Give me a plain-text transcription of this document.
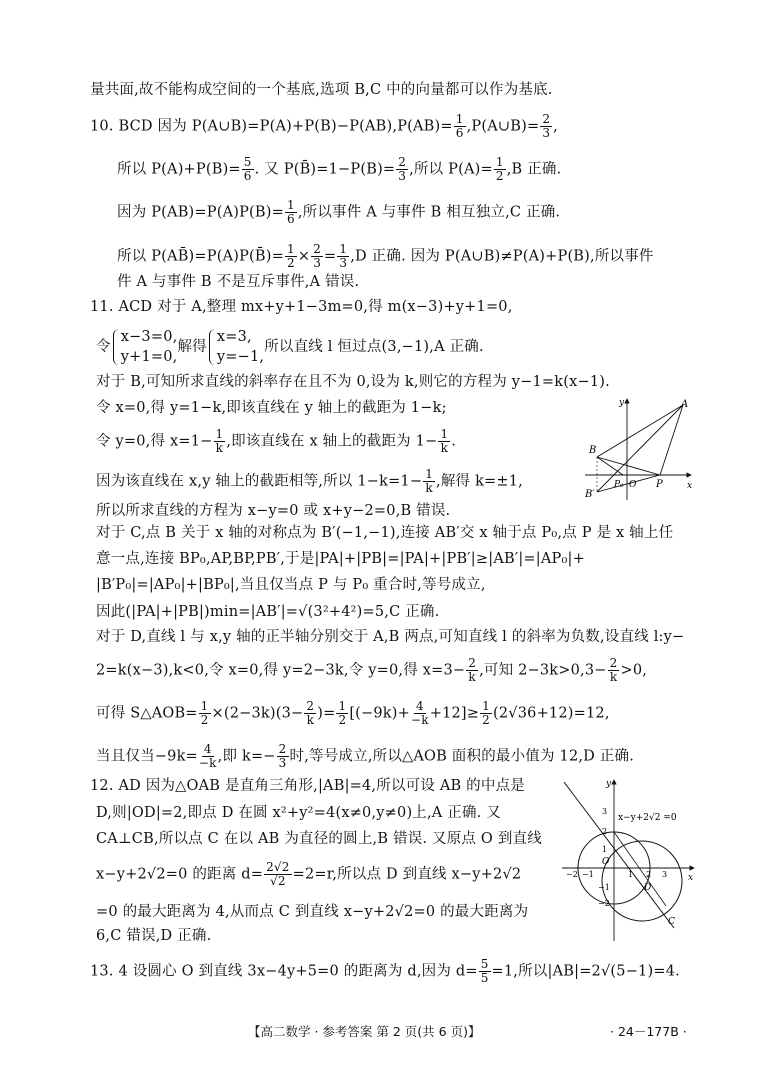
量共面,故不能构成空间的一个基底,选项 B,C 中的向量都可以作为基底.
10. BCD 因为 P(A∪B)=P(A)+P(B)−P(AB),P(AB)= $\frac{1}{6}$ ,P(A∪B)= $\frac{2}{3}$ ,
所以 $P(A)+P(B)= \frac{5}{6}$ . 又 P(B̄)=1−P(B)= $\frac{2}{3}$ ,所以 $P(A)= \frac{1}{2} ,B$ 正确.
因为 $P(AB)=P(A)P(B)= \frac{1}{6}$ ,所以事件 A 与事件 B 相互独立,C 正确.
所以 P(AB̄)=P(A)P(B̄)= $\frac{1}{2} \times \frac{2}{3} = \frac{1}{3} ,D$ 正确. 因为 P(A∪B)≠P(A)+P(B),所以事件
件 A 与事件 B 不是互斥事件,A 错误.
11. ACD 对于 A,整理 mx+y+1−3m=0,得 m(x−3)+y+1=0,
令
x−3=0,
y+1=0,
解得
x=3,
y=−1,
所以直线 l 恒过点(3,−1),A 正确.
对于 B,可知所求直线的斜率存在且不为 0,设为 k,则它的方程为 y−1=k(x−1).
令 x=0,得 y=1−k,即该直线在 y 轴上的截距为 1−k;
令 y=0,得 $x=1- \frac{1}{k}$ ,即该直线在 x 轴上的截距为 $1- \frac{1}{k}$ .
因为该直线在 x,y 轴上的截距相等,所以 $1-k=1- \frac{1}{k}$ ,解得 k=±1,
所以所求直线的方程为 x−y=0 或 x+y−2=0,B 错误.
对于 C,点 B 关于 x 轴的对称点为 B′(−1,−1),连接 AB′交 x 轴于点 P₀,点 P 是 x 轴上任
意一点,连接 BP₀,AP,BP,PB′,于是|PA|+|PB|=|PA|+|PB′|≥|AB′|=|AP₀|+
|B′P₀|=|AP₀|+|BP₀|,当且仅当点 P 与 P₀ 重合时,等号成立,
因此(|PA|+|PB|)min=|AB′|=√(3²+4²)=5,C 正确.
对于 D,直线 l 与 x,y 轴的正半轴分别交于 A,B 两点,可知直线 l 的斜率为负数,设直线 l:y−
2=k(x−3),k<0,令 x=0,得 y=2−3k,令 y=0,得 $x=3- \frac{2}{k}$ ,可知 $2-3k>0,3- \frac{2}{k} >0$,
可得 S△AOB= $\frac{1}{2} \times(2-3k)(3- \frac{2}{k}$ )= $\frac{1}{2} [(-9k)+ \frac{4}{-k} +12]\ge \frac{1}{2} (2√36+12)=12$,
当且仅当$-9k= \frac{4}{-k}$ ,即 $k=- \frac{2}{3}$ 时,等号成立,所以△AOB 面积的最小值为 12,D 正确.
12. AD 因为△OAB 是直角三角形,|AB|=4,所以可设 AB 的中点是
D,则|OD|=2,即点 D 在圆 x²+y²=4(x≠0,y≠0)上,A 正确. 又
CA⊥CB,所以点 C 在以 AB 为直径的圆上,B 错误. 又原点 O 到直线
x−y+2√2=0 的距离 $d= \frac{2√2}{√2} =2=r$,所以点 D 到直线 x−y+2√2
=0 的最大距离为 4,从而点 C 到直线 x−y+2√2=0 的最大距离为
6,C 错误,D 正确.
13. 4 设圆心 O 到直线 3x−4y+5=0 的距离为 d,因为 $d= \frac{5}{5} =1$,所以|AB|=2√(5−1)=4.
y
x
A
B
B′
P₀ O P
y
x
x−y+2√2 =0
O
D
C
3
2
1
−1
−2
−2 −1	1 2 3
【高二数学 · 参考答案 第 2 页(共 6 页)】	· 24－177B ·
